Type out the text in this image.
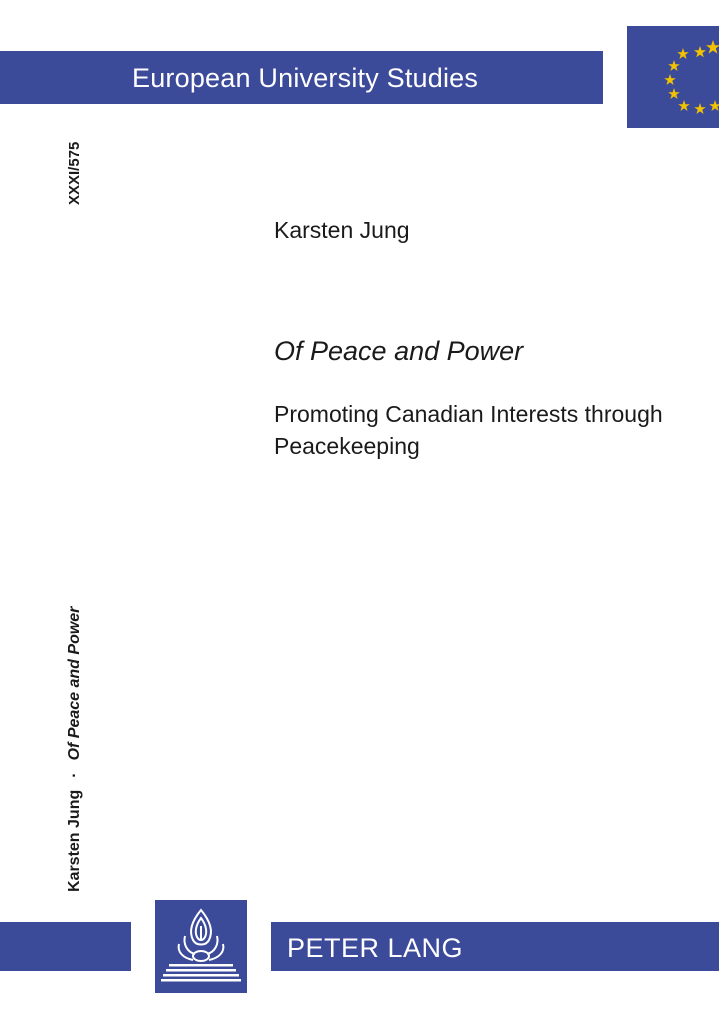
European University Studies
XXXI/575
Karsten Jung
Of Peace and Power
Promoting Canadian Interests through Peacekeeping
Karsten Jung·Of Peace and Power
PETER LANG
